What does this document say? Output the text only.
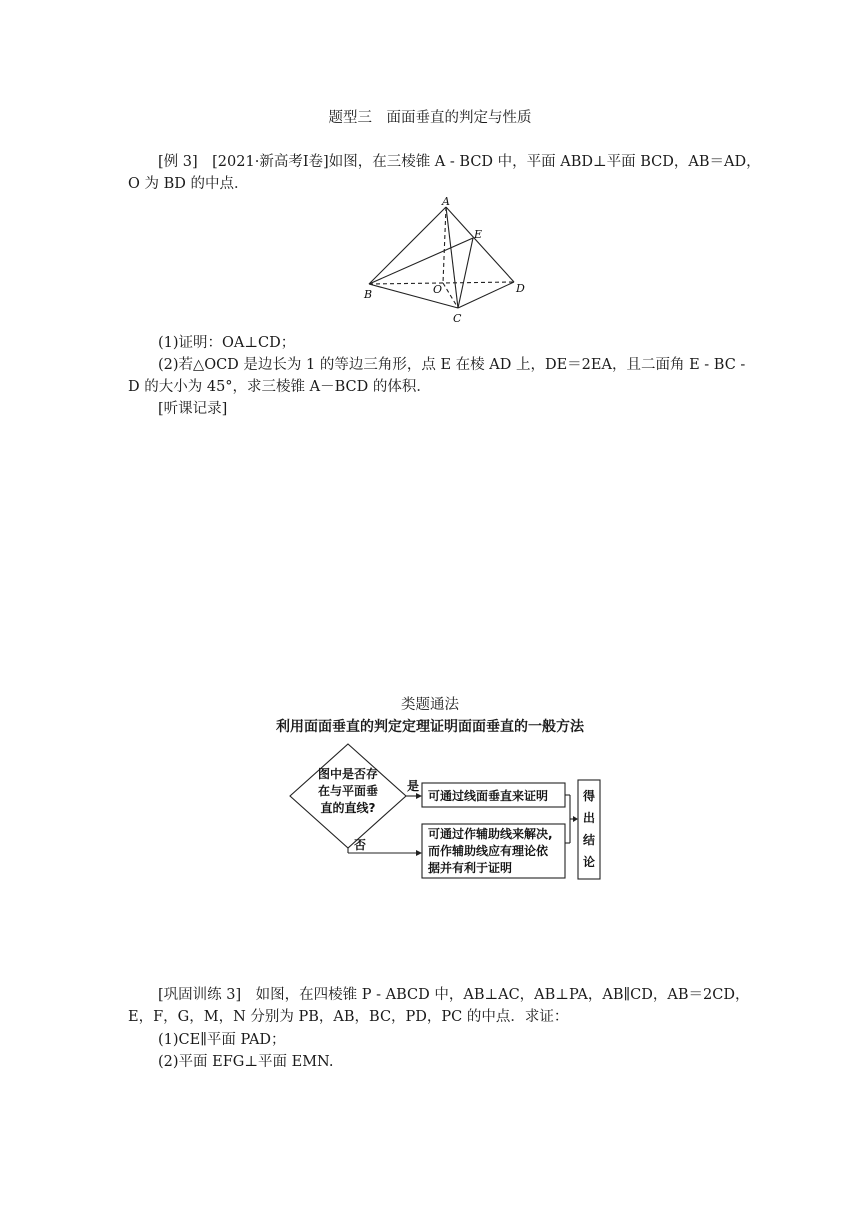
题型三　面面垂直的判定与性质
[例 3]　[2021·新高考Ⅰ卷]如图，在三棱锥 A - BCD 中，平面 ABD⊥平面 BCD，AB＝AD，
O 为 BD 的中点．
A
B
C
D
E
O
(1)证明：OA⊥CD；
(2)若△OCD 是边长为 1 的等边三角形，点 E 在棱 AD 上，DE＝2EA，且二面角 E - BC -
D 的大小为 45°，求三棱锥 A－BCD 的体积．
[听课记录]
类题通法
利用面面垂直的判定定理证明面面垂直的一般方法
图中是否存
在与平面垂
直的直线?
是
否
可通过线面垂直来证明
可通过作辅助线来解决,
而作辅助线应有理论依
据并有利于证明
得
出
结
论
[巩固训练 3]　如图，在四棱锥 P - ABCD 中，AB⊥AC，AB⊥PA，AB∥CD，AB＝2CD，
E，F，G，M，N 分别为 PB，AB，BC，PD，PC 的中点．求证：
(1)CE∥平面 PAD；
(2)平面 EFG⊥平面 EMN.
